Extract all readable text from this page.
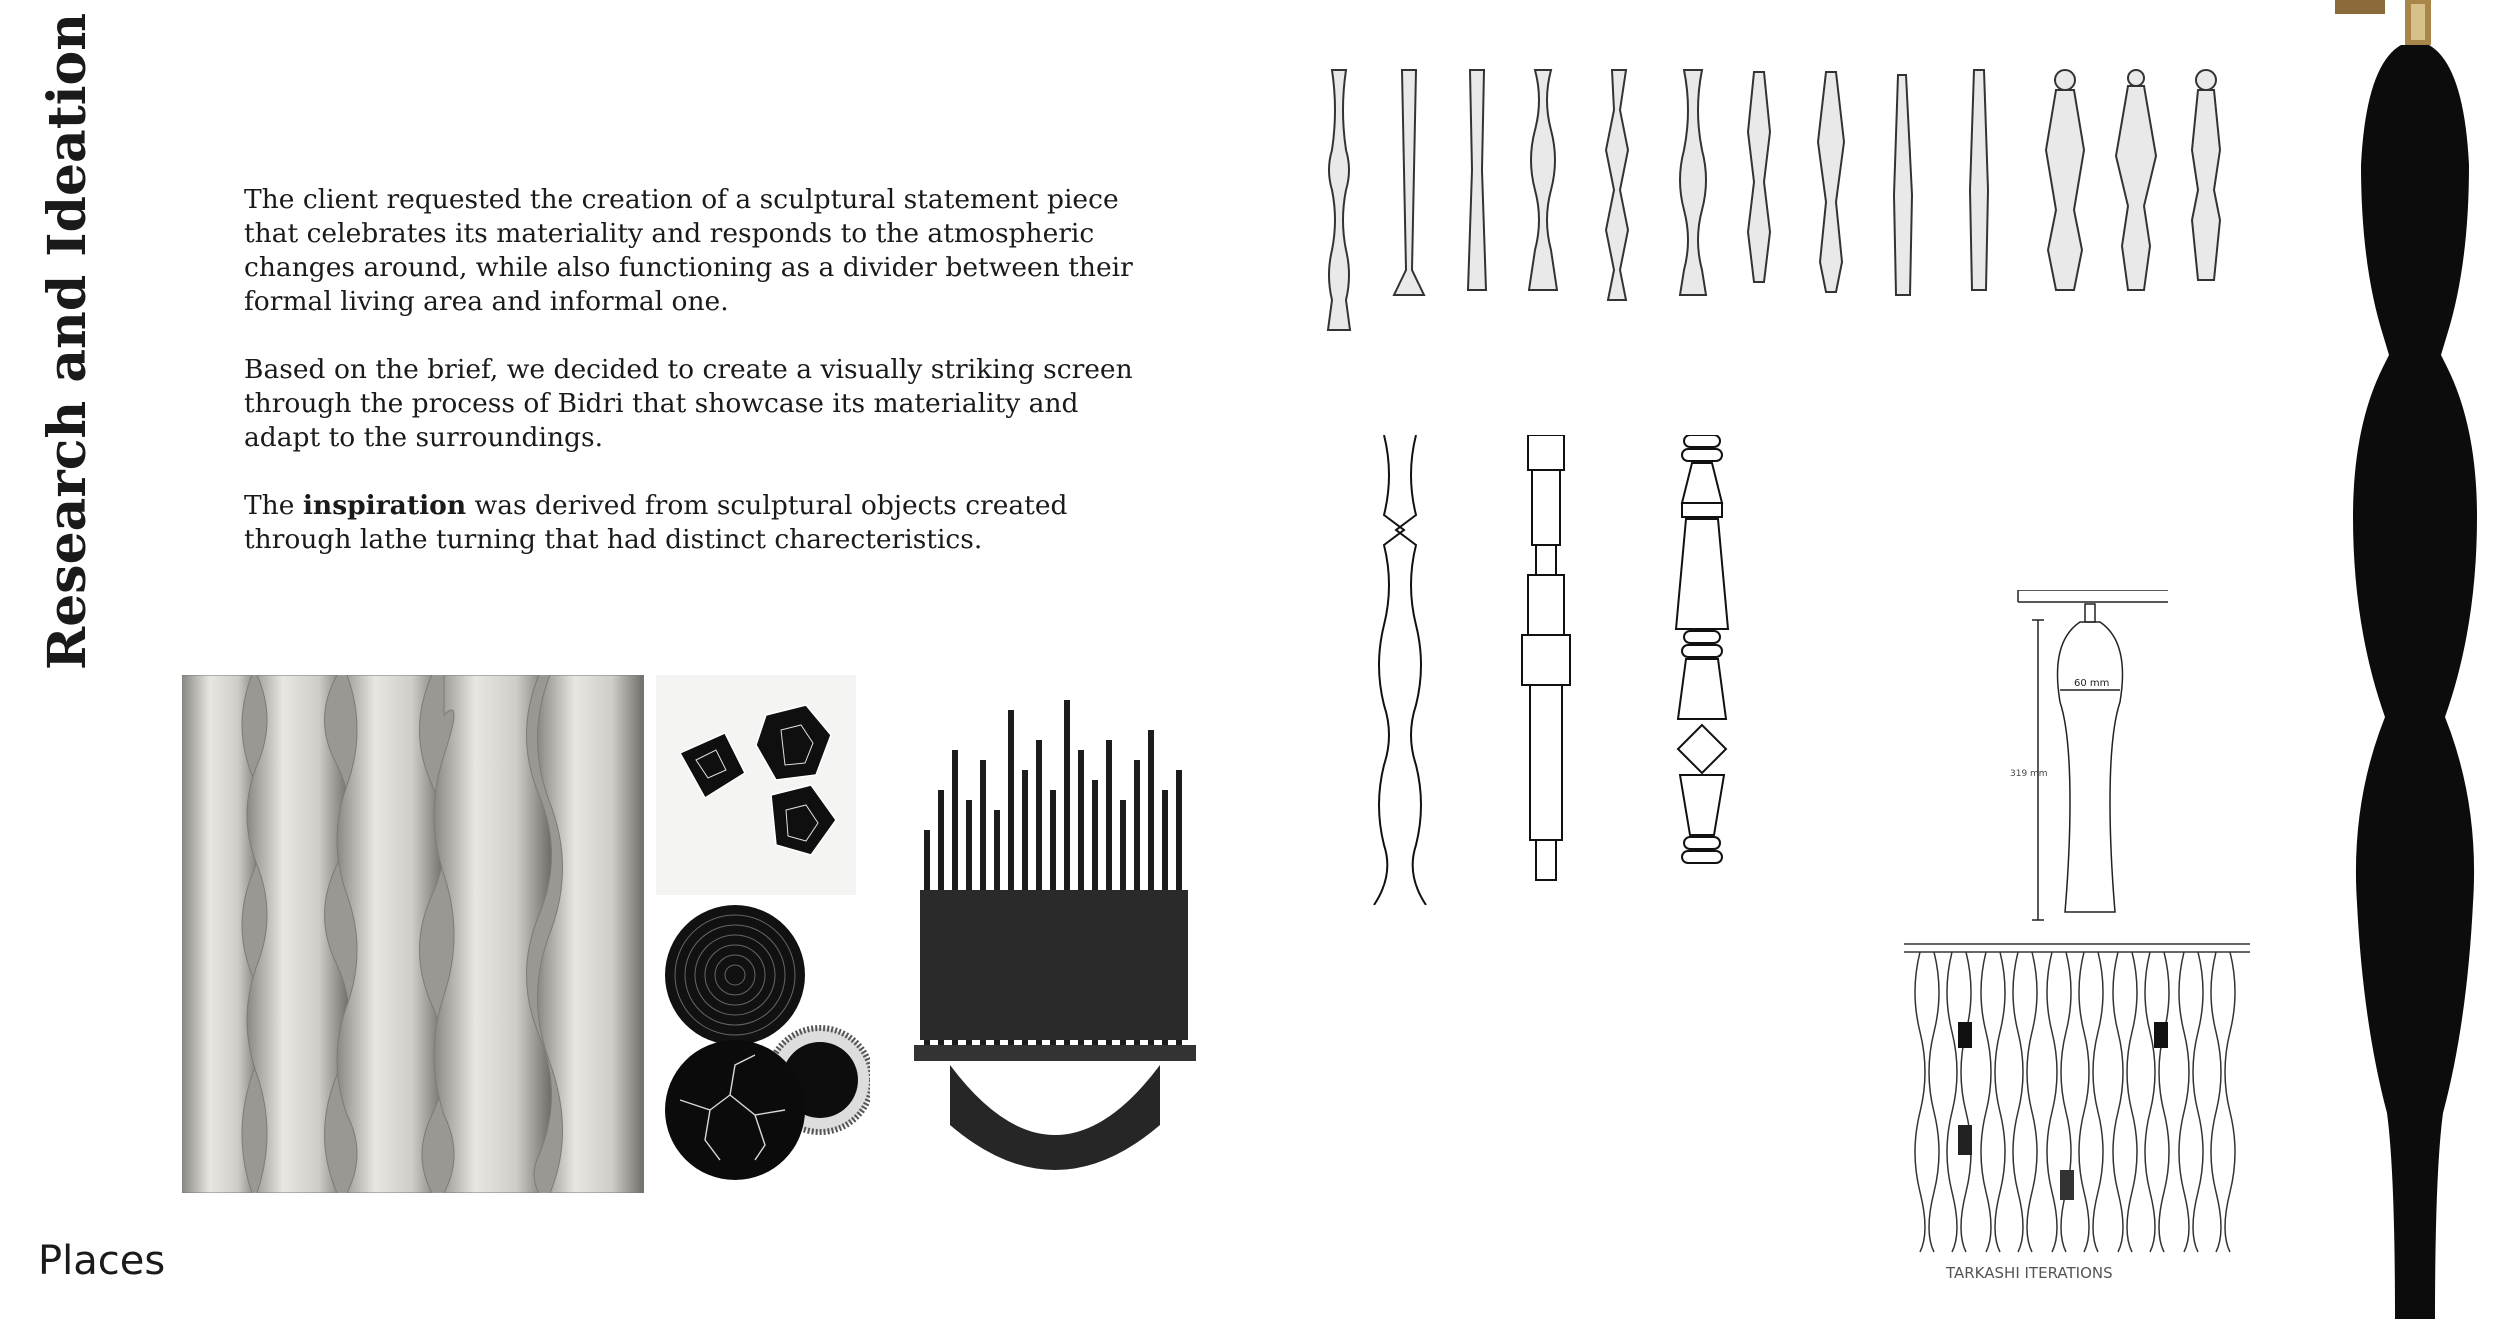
Research and Ideation	The client requested the creation of a sculptural statement piece that celebrates its materiality and responds to the atmospheric changes around, while also functioning as a divider between their formal living area and informal one.

Based on the brief, we decided to create a visually striking screen through the process of Bidri that showcase its materiality and adapt to the surroundings.

The inspiration was derived from sculptural objects created through lathe turning that had distinct charecteristics.

Places
60 mm
319 mm
TARKASHI ITERATIONS
